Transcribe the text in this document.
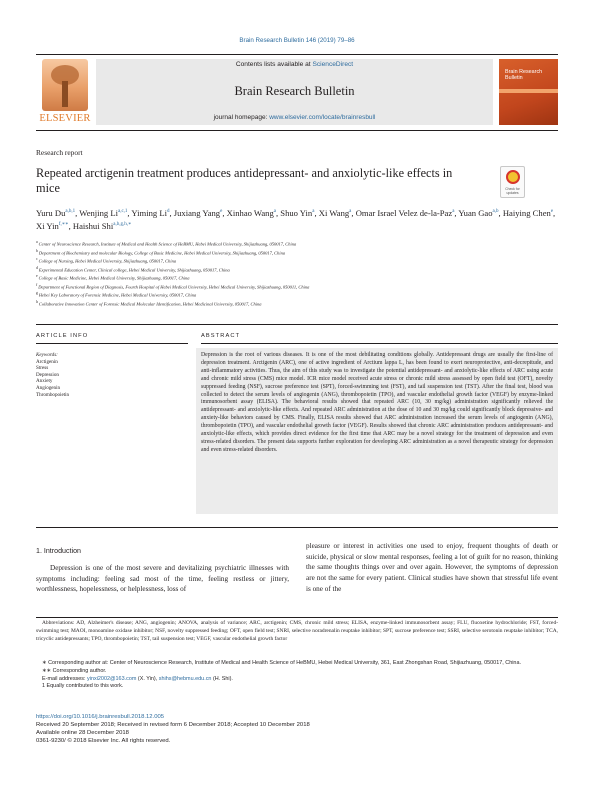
Brain Research Bulletin 146 (2019) 79–86
ELSEVIER
Contents lists available at ScienceDirect
Brain Research Bulletin
journal homepage: www.elsevier.com/locate/brainresbull
Brain Research Bulletin
Research report
Repeated arctigenin treatment produces antidepressant- and anxiolytic-like effects in mice	Check for updates
Yuru Du$^{a,b,1}$, Wenjing Li$^{a,c,1}$, Yiming Li$^d$, Juxiang Yang$^e$, Xinhao Wang$^a$, Shuo Yin$^a$, Xi Wang$^a$, Omar Israel Velez de-la-Paz$^a$, Yuan Gao$^{a,b}$, Haiying Chen$^e$, Xi Yin$^{f,∗∗}$, Haishui Shi$^{a,b,g,h,∗}$
$^a$ Center of Neuroscience Research, Institute of Medical and Health Science of HeBMU, Hebei Medical University, Shijiazhuang, 050017, China
$^b$ Department of Biochemistry and molecular Biology, College of Basic Medicine, Hebei Medical University, Shijiazhuang, 050017, China
$^c$ College of Nursing, Hebei Medical University, Shijiazhuang, 050017, China
$^d$ Experimental Education Center, Clinical college, Hebei Medical University, Shijiazhuang, 050017, China
$^e$ College of Basic Medicine, Hebei Medical University, Shijiazhuang, 050017, China
$^f$ Department of Functional Region of Diagnosis, Fourth Hospital of Hebei Medical University, Hebei Medical University, Shijiazhuang, 050011, China
$^g$ Hebei Key Laboratory of Forensic Medicine, Hebei Medical University, 050017, China
$^h$ Collaborative Innovation Center of Forensic Medical Molecular Identification, Hebei Medicinal University, 050017, China
ARTICLE INFO	ABSTRACT
Keywords:
Arctigenin
Stress
Depression
Anxiety
Angiogenin
Thrombopoietin

Depression is the root of various diseases. It is one of the most debilitating conditions globally. Antidepressant drugs are usually the first-line of depression treatment. Arctigenin (ARC), one of active ingredient of Arctium lappa L, has been found to exert neuroprotective, anti-decrepitude, and anti-inflammatory activities. Thus, the aim of this study was to investigate the potential antidepressant- and anxiolytic-like effects of ARC using acute and chronic mild stress (CMS) mice model. ICR mice model received acute stress or chronic mild stress assessed by open field test (OFT), novelty suppressed feeding (NSF), sucrose preference test (SPT), forced-swimming test (FST), and tail suspension test (TST). After the final test, blood was collected to detect the serum levels of angiogenin (ANG), thrombopoietin (TPO), and vascular endothelial growth factor (VEGF) by enzyme-linked immunosorbent assay (ELISA). The behavioral results showed that repeated ARC (10, 30 mg/kg) administration significantly relieved the antidepressant- and anxiolytic-like effects. And repeated ARC administration at the dose of 10 and 30 mg/kg could significantly block depressive- and anxiety-like behaviors caused by CMS. Finally, ELISA results showed that ARC administration increased the serum levels of angiogenin (ANG), thrombopoietin (TPO), and vascular endothelial growth factor (VEGF). Results showed that chronic ARC administration produces antidepressant- and anxiolytic-like effects, which provides direct evidence for the first time that ARC may be a novel strategy for the treatment of depression and even stress-related disorders. The present data supports further exploration for developing ARC administration as a novel therapeutic strategy for depression and even stress-related disorders.

1. Introduction

Depression is one of the most severe and devitalizing psychiatric illnesses with symptoms including: feeling sad most of the time, feeling restless or jittery, worthlessness, hopelessness, or helplessness, loss of

pleasure or interest in activities one used to enjoy, frequent thoughts of death or suicide, physical or slow mental responses, feeling a lot of guilt for no reason, thinking the same thoughts things over and over again. However, the symptoms of depression are not the same for every patient. Clinical studies have shown that stressful life event is one of the

Abbreviations: AD, Alzheimer's disease; ANG, angiogenin; ANOVA, analysis of variance; ARC, arctigenin; CMS, chronic mild stress; ELISA, enzyme-linked immunosorbent assay; FLU, fluoxetine hydrochloride; FST, forced-swimming test; MAOI, monoamine oxidase inhibitor; NSF, novelty suppressed feeding; OFT, open field test; SNRI, selective noradrenalin reuptake inhibitor; SPT, sucrose preference test; SSRI, selective serotonin reuptake inhibitor; TCA, tricyclic antidepressants; TPO, thrombopoietin; TST, tail suspension test; VEGF, vascular endothelial growth factor

∗ Corresponding author at: Center of Neuroscience Research, Institute of Medical and Health Science of HeBMU, Hebei Medical University, 361, East Zhongshan Road, Shijiazhuang, 050017, China.
∗∗ Corresponding author.
E-mail addresses: yinxi2002@163.com (X. Yin), shihs@hebmu.edu.cn (H. Shi).
1 Equally contributed to this work.
https://doi.org/10.1016/j.brainresbull.2018.12.005
Received 20 September 2018; Received in revised form 6 December 2018; Accepted 10 December 2018
Available online 28 December 2018
0361-9230/ © 2018 Elsevier Inc. All rights reserved.
